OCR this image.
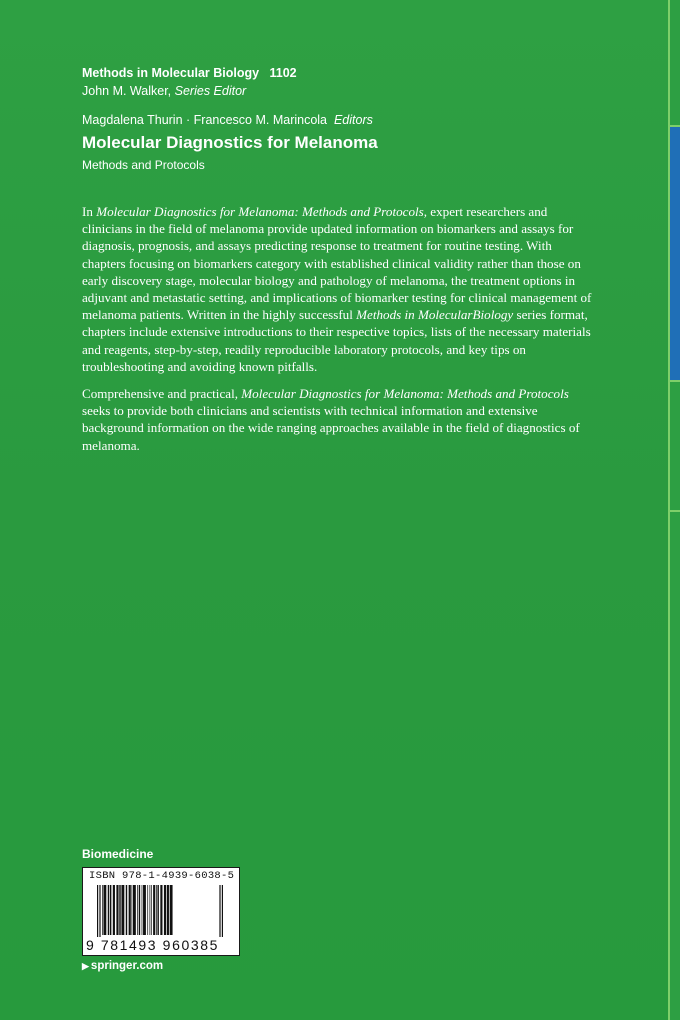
Methods in Molecular Biology 1102
John M. Walker, Series Editor
Magdalena Thurin · Francesco M. Marincola Editors
Molecular Diagnostics for Melanoma
Methods and Protocols

In Molecular Diagnostics for Melanoma: Methods and Protocols, expert researchers and clinicians in the field of melanoma provide updated information on biomarkers and assays for diagnosis, prognosis, and assays predicting response to treatment for routine testing. With chapters focusing on biomarkers category with established clinical validity rather than those on early discovery stage, molecular biology and pathology of melanoma, the treatment options in adjuvant and metastatic setting, and implications of biomarker testing for clinical management of melanoma patients. Written in the highly successful Methods in MolecularBiology series format, chapters include extensive introductions to their respective topics, lists of the necessary materials and reagents, step-by-step, readily reproducible laboratory protocols, and key tips on troubleshooting and avoiding known pitfalls.

Comprehensive and practical, Molecular Diagnostics for Melanoma: Methods and Protocols seeks to provide both clinicians and scientists with technical information and extensive background information on the wide ranging approaches available in the field of diagnostics of melanoma.

Biomedicine
ISBN 978-1-4939-6038-5
9 781493 960385
▶ springer.com
